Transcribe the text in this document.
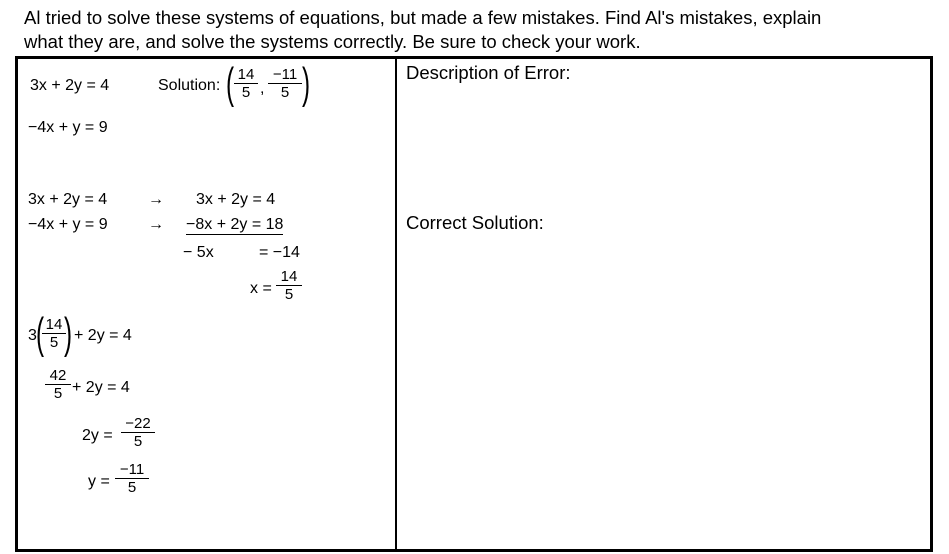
Al tried to solve these systems of equations, but made a few mistakes. Find Al's mistakes, explain
what they are, and solve the systems correctly. Be sure to check your work.
Description of Error:
Correct Solution:
3x + 2y = 4
−4x + y = 9
Solution: ( $\frac{14}{5}$ , $\frac{-11}{5}$ )
3x + 2y = 4
−4x + y = 9
→
→
3x + 2y = 4
−8x + 2y = 18
− 5x	= −14
$x = \frac{14}{5}$
3 (
$\frac{14}{5}$
) + 2y = 4
$\frac{42}{5} + 2y = 4$
$2y = \frac{-22}{5}$
$y = \frac{-11}{5}$
